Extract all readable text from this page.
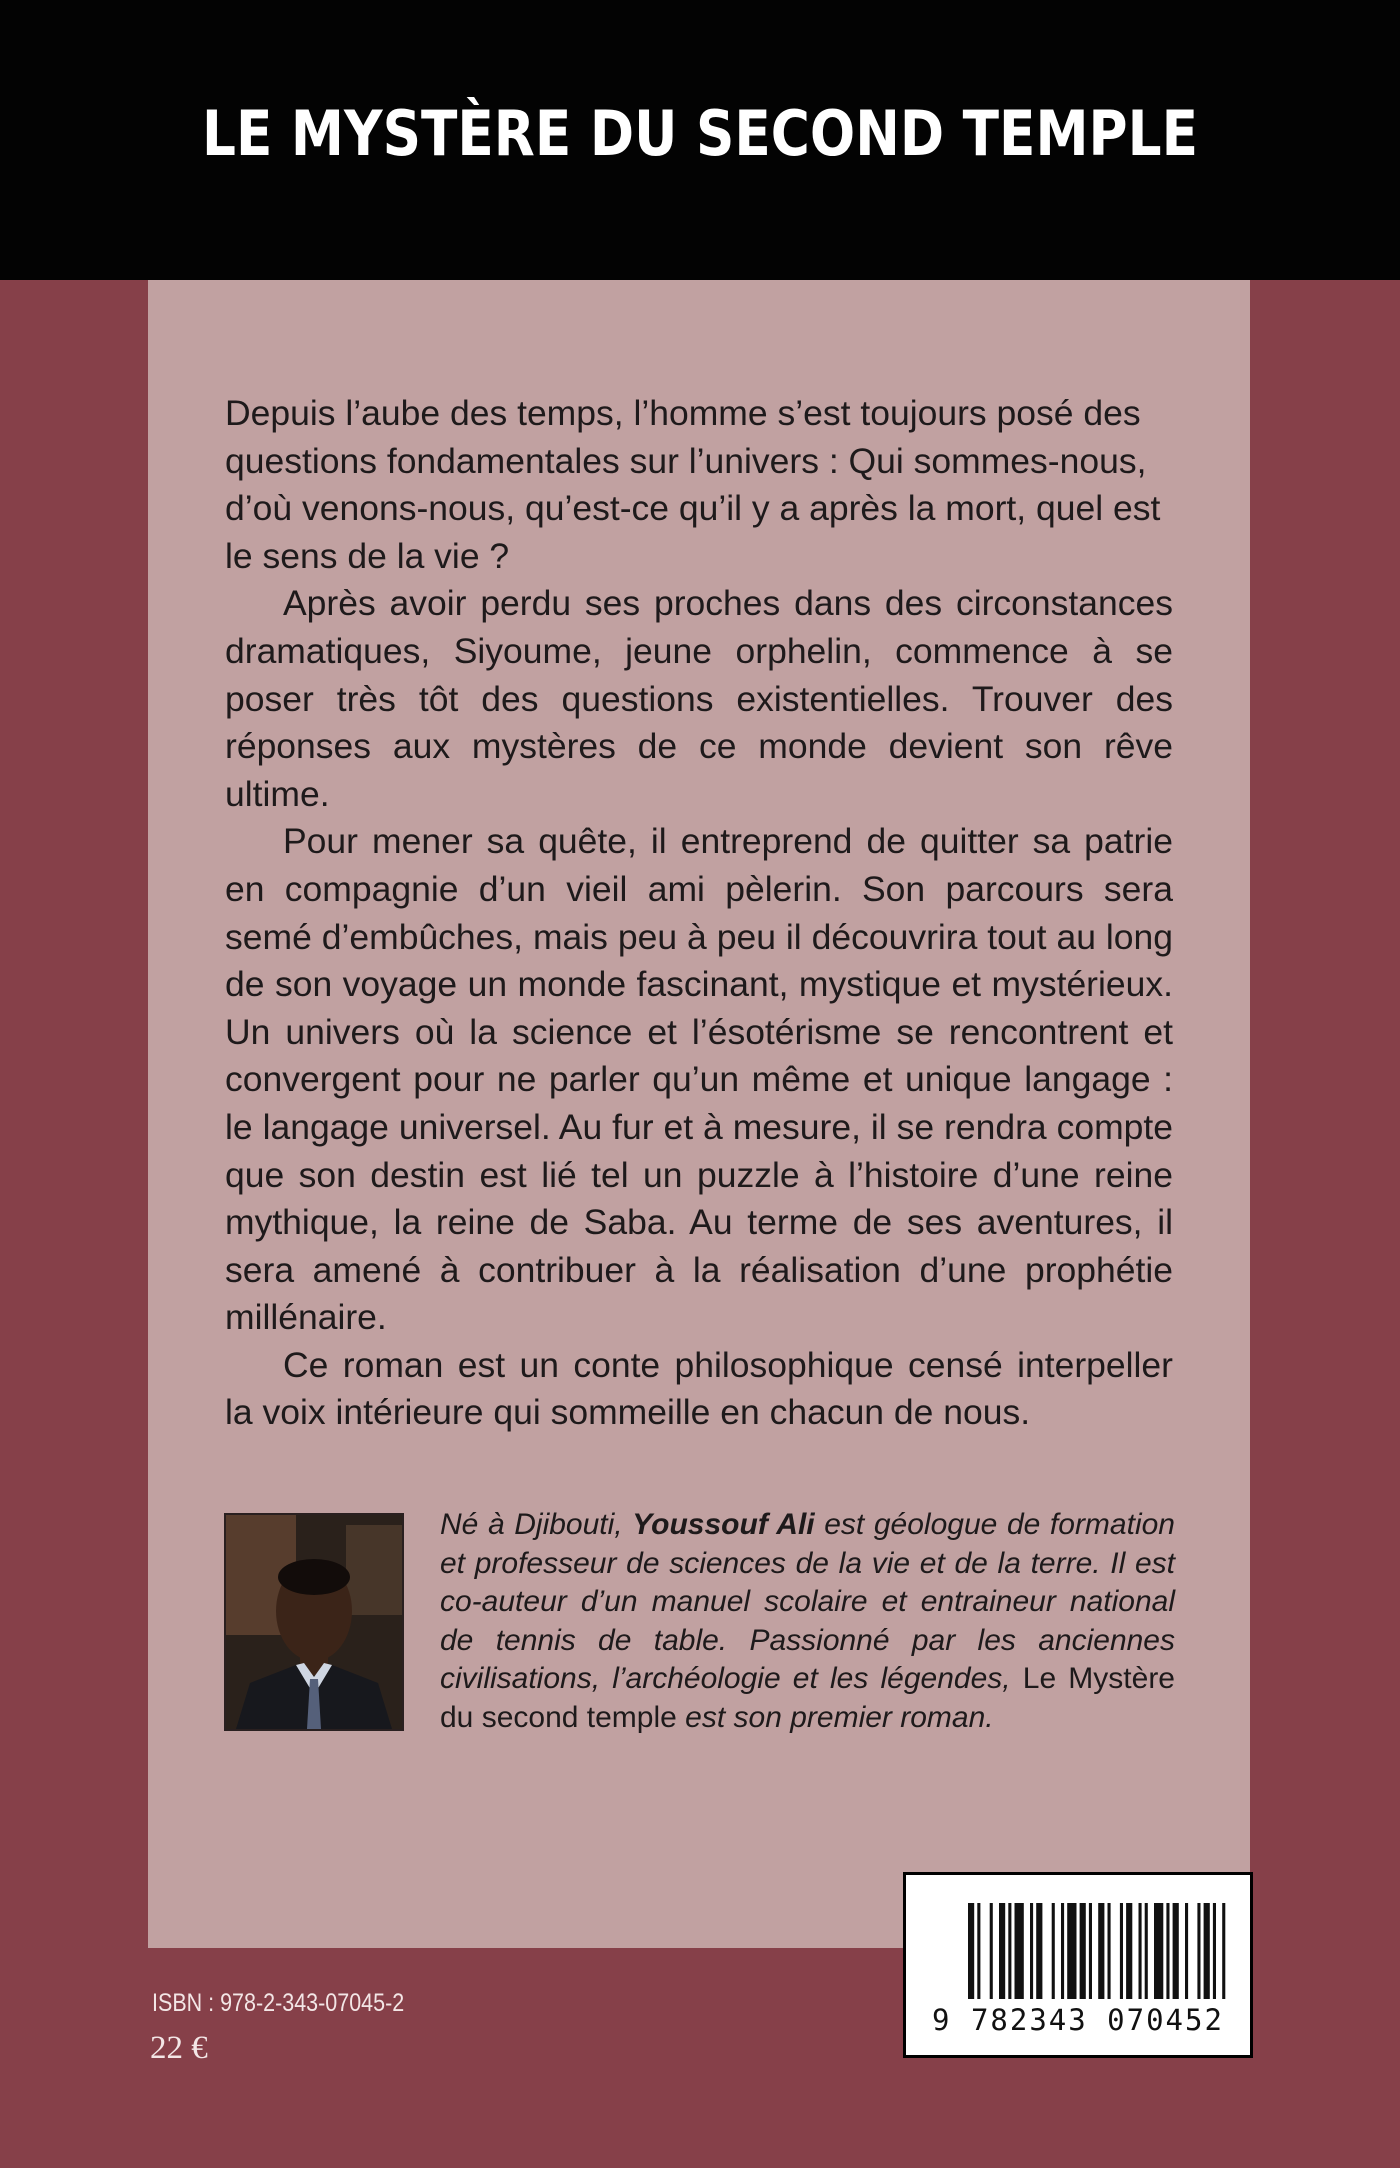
LE MYSTÈRE DU SECOND TEMPLE

Depuis l’aube des temps, l’homme s’est toujours posé des questions fondamentales sur l’univers : Qui sommes-nous, d’où venons-nous, qu’est-ce qu’il y a après la mort, quel est le sens de la vie ?

Après avoir perdu ses proches dans des circonstances dramatiques, Siyoume, jeune orphelin, commence à se poser très tôt des questions existentielles. Trouver des réponses aux mystères de ce monde devient son rêve ultime.

Pour mener sa quête, il entreprend de quitter sa patrie en compagnie d’un vieil ami pèlerin. Son parcours sera semé d’embûches, mais peu à peu il découvrira tout au long de son voyage un monde fascinant, mystique et mystérieux. Un univers où la science et l’ésotérisme se rencontrent et convergent pour ne parler qu’un même et unique langage : le langage universel. Au fur et à mesure, il se rendra compte que son destin est lié tel un puzzle à l’histoire d’une reine mythique, la reine de Saba. Au terme de ses aventures, il sera amené à contribuer à la réalisation d’une prophétie millénaire.

Ce roman est un conte philosophique censé interpeller la voix intérieure qui sommeille en chacun de nous.

Né à Djibouti, Youssouf Ali est géologue de formation et professeur de sciences de la vie et de la terre. Il est co-auteur d’un manuel scolaire et entraineur national de tennis de table. Passionné par les anciennes civilisations, l’archéologie et les légendes, Le Mystère du second temple est son premier roman.
9 782343 070452
ISBN : 978-2-343-07045-2
22 €
